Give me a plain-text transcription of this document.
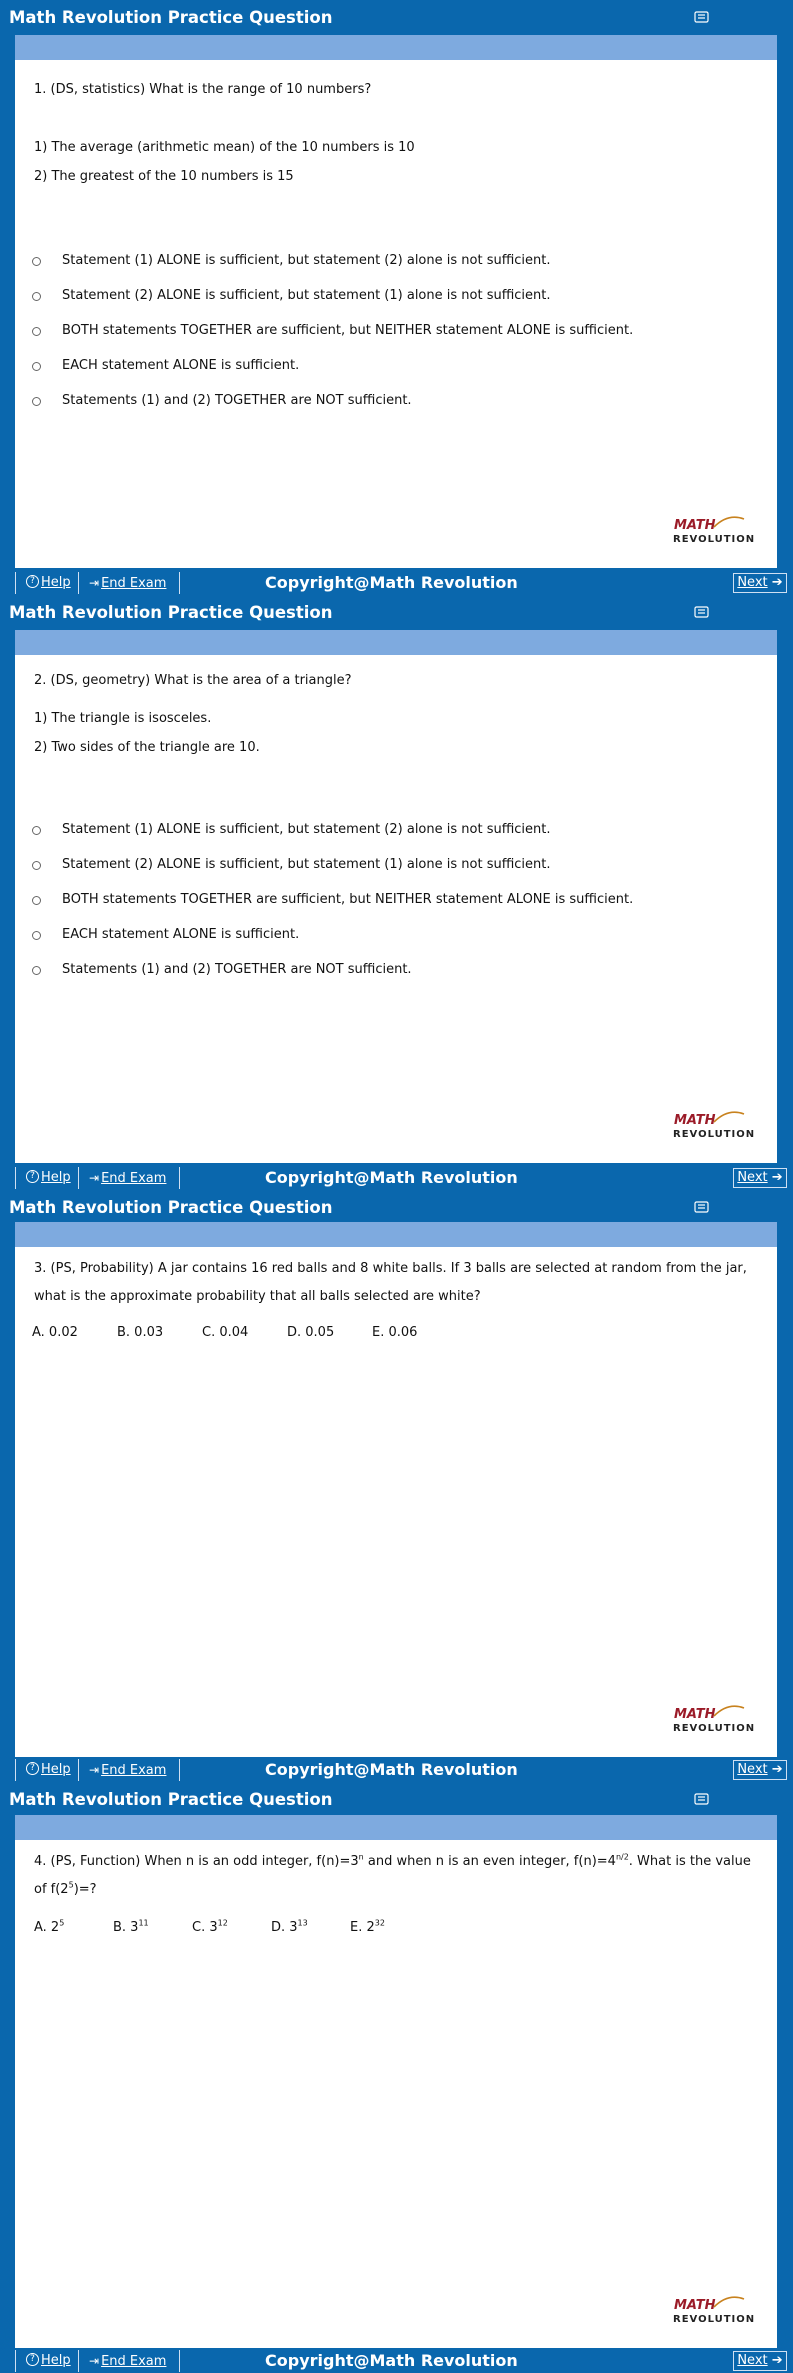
Math Revolution Practice Question
1. (DS, statistics) What is the range of 10 numbers?
1) The average (arithmetic mean) of the 10 numbers is 10
2) The greatest of the 10 numbers is 15
Statement (1) ALONE is sufficient, but statement (2) alone is not sufficient.
Statement (2) ALONE is sufficient, but statement (1) alone is not sufficient.
BOTH statements TOGETHER are sufficient, but NEITHER statement ALONE is sufficient.
EACH statement ALONE is sufficient.
Statements (1) and (2) TOGETHER are NOT sufficient.
MATH
REVOLUTION
? Help	⇥ End Exam	Copyright@Math Revolution	Next ➔
Math Revolution Practice Question
2. (DS, geometry) What is the area of a triangle?
1) The triangle is isosceles.
2) Two sides of the triangle are 10.
Statement (1) ALONE is sufficient, but statement (2) alone is not sufficient.
Statement (2) ALONE is sufficient, but statement (1) alone is not sufficient.
BOTH statements TOGETHER are sufficient, but NEITHER statement ALONE is sufficient.
EACH statement ALONE is sufficient.
Statements (1) and (2) TOGETHER are NOT sufficient.
MATH
REVOLUTION
? Help	⇥ End Exam	Copyright@Math Revolution	Next ➔
Math Revolution Practice Question
3. (PS, Probability) A jar contains 16 red balls and 8 white balls. If 3 balls are selected at random from the jar, what is the approximate probability that all balls selected are white?
A. 0.02	B. 0.03	C. 0.04	D. 0.05	E. 0.06
MATH
REVOLUTION
? Help	⇥ End Exam	Copyright@Math Revolution	Next ➔
Math Revolution Practice Question
4. (PS, Function) When n is an odd integer, $f(n)=3^n$ and when n is an even integer, $f(n)=4^{n/2}$. What is the value of $f(2^5)=$?
A. $2^5$	B. $3^{11}$	C. $3^{12}$	D. $3^{13}$	E. $2^{32}$
MATH
REVOLUTION
? Help	⇥ End Exam	Copyright@Math Revolution	Next ➔
